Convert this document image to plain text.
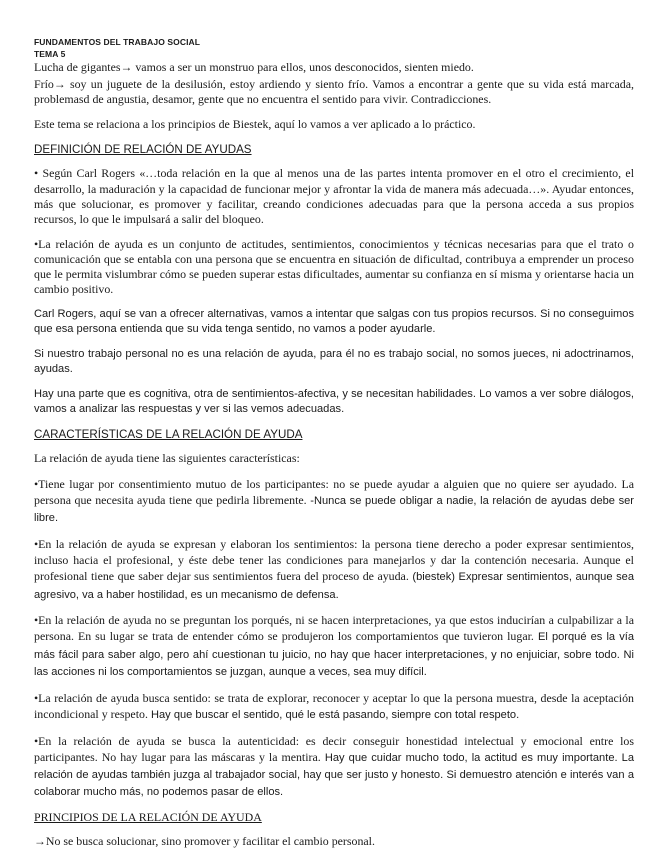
FUNDAMENTOS DEL TRABAJO SOCIAL
TEMA 5

Lucha de gigantes→ vamos a ser un monstruo para ellos, unos desconocidos, sienten miedo.

Frío→ soy un juguete de la desilusión, estoy ardiendo y siento frío. Vamos a encontrar a gente que su vida está marcada, problemasd de angustia, desamor, gente que no encuentra el sentido para vivir. Contradicciones.

Este tema se relaciona a los principios de Biestek, aquí lo vamos a ver aplicado a lo práctico.

DEFINICIÓN DE RELACIÓN DE AYUDAS

• Según Carl Rogers «…toda relación en la que al menos una de las partes intenta promover en el otro el crecimiento, el desarrollo, la maduración y la capacidad de funcionar mejor y afrontar la vida de manera más adecuada…». Ayudar entonces, más que solucionar, es promover y facilitar, creando condiciones adecuadas para que la persona acceda a sus propios recursos, lo que le impulsará a salir del bloqueo.

•La relación de ayuda es un conjunto de actitudes, sentimientos, conocimientos y técnicas necesarias para que el trato o comunicación que se entabla con una persona que se encuentra en situación de dificultad, contribuya a emprender un proceso que le permita vislumbrar cómo se pueden superar estas dificultades, aumentar su confianza en sí misma y orientarse hacia un cambio positivo.

Carl Rogers, aquí se van a ofrecer alternativas, vamos a intentar que salgas con tus propios recursos. Si no conseguimos que esa persona entienda que su vida tenga sentido, no vamos a poder ayudarle.

Si nuestro trabajo personal no es una relación de ayuda, para él no es trabajo social, no somos jueces, ni adoctrinamos, ayudas.

Hay una parte que es cognitiva, otra de sentimientos-afectiva, y se necesitan habilidades. Lo vamos a ver sobre diálogos, vamos a analizar las respuestas y ver si las vemos adecuadas.

CARACTERÍSTICAS DE LA RELACIÓN DE AYUDA

La relación de ayuda tiene las siguientes características:

•Tiene lugar por consentimiento mutuo de los participantes: no se puede ayudar a alguien que no quiere ser ayudado. La persona que necesita ayuda tiene que pedirla libremente. -Nunca se puede obligar a nadie, la relación de ayudas debe ser libre.

•En la relación de ayuda se expresan y elaboran los sentimientos: la persona tiene derecho a poder expresar sentimientos, incluso hacia el profesional, y éste debe tener las condiciones para manejarlos y dar la contención necesaria. Aunque el profesional tiene que saber dejar sus sentimientos fuera del proceso de ayuda. (biestek) Expresar sentimientos, aunque sea agresivo, va a haber hostilidad, es un mecanismo de defensa.

•En la relación de ayuda no se preguntan los porqués, ni se hacen interpretaciones, ya que estos inducirían a culpabilizar a la persona. En su lugar se trata de entender cómo se produjeron los comportamientos que tuvieron lugar. El porqué es la vía más fácil para saber algo, pero ahí cuestionan tu juicio, no hay que hacer interpretaciones, y no enjuiciar, sobre todo. Ni las acciones ni los comportamientos se juzgan, aunque a veces, sea muy difícil.

•La relación de ayuda busca sentido: se trata de explorar, reconocer y aceptar lo que la persona muestra, desde la aceptación incondicional y respeto. Hay que buscar el sentido, qué le está pasando, siempre con total respeto.

•En la relación de ayuda se busca la autenticidad: es decir conseguir honestidad intelectual y emocional entre los participantes. No hay lugar para las máscaras y la mentira. Hay que cuidar mucho todo, la actitud es muy importante. La relación de ayudas también juzga al trabajador social, hay que ser justo y honesto. Si demuestro atención e interés van a colaborar mucho más, no podemos pasar de ellos.

PRINCIPIOS DE LA RELACIÓN DE AYUDA

→No se busca solucionar, sino promover y facilitar el cambio personal.
